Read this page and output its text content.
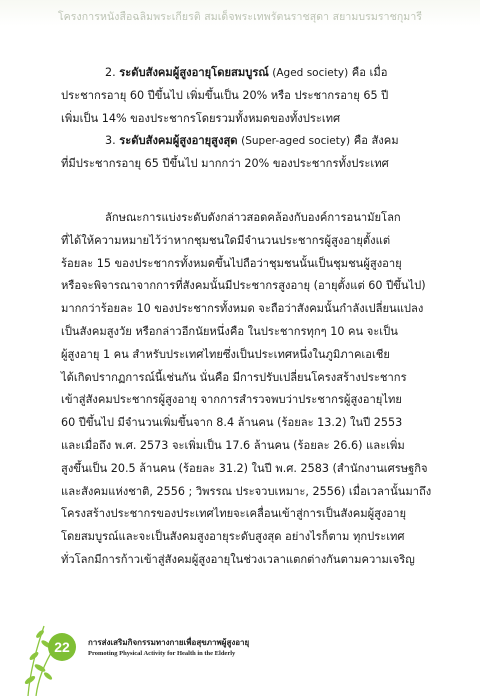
โครงการหนังสือฉลิมพระเกียรติ สมเด็จพระเทพรัตนราชสุดา สยามบรมราชกุมารี

2. ระดับสังคมผู้สูงอายุโดยสมบูรณ์ (Aged society) คือ เมื่อ
ประชากรอายุ 60 ปีขึ้นไป เพิ่มขึ้นเป็น 20% หรือ ประชากรอายุ 65 ปี
เพิ่มเป็น 14% ของประชากรโดยรวมทั้งหมดของทั้งประเทศ

3. ระดับสังคมผู้สูงอายุสูงสุด (Super-aged society) คือ สังคม
ที่มีประชากรอายุ 65 ปีขึ้นไป มากกว่า 20% ของประชากรทั้งประเทศ

ลักษณะการแบ่งระดับดังกล่าวสอดคล้องกับองค์การอนามัยโลก
ที่ได้ให้ความหมายไว้ว่าหากชุมชนใดมีจำนวนประชากรผู้สูงอายุตั้งแต่
ร้อยละ 15 ของประชากรทั้งหมดขึ้นไปถือว่าชุมชนนั้นเป็นชุมชนผู้สูงอายุ
หรือจะพิจารณาจากการที่สังคมนั้นมีประชากรสูงอายุ (อายุตั้งแต่ 60 ปีขึ้นไป)
มากกว่าร้อยละ 10 ของประชากรทั้งหมด จะถือว่าสังคมนั้นกำลังเปลี่ยนแปลง
เป็นสังคมสูงวัย หรือกล่าวอีกนัยหนึ่งคือ ในประชากรทุกๆ 10 คน จะเป็น
ผู้สูงอายุ 1 คน สำหรับประเทศไทยซึ่งเป็นประเทศหนึ่งในภูมิภาคเอเชีย
ได้เกิดปรากฏการณ์นี้เช่นกัน นั่นคือ มีการปรับเปลี่ยนโครงสร้างประชากร
เข้าสู่สังคมประชากรผู้สูงอายุ จากการสำรวจพบว่าประชากรผู้สูงอายุไทย
60 ปีขึ้นไป มีจำนวนเพิ่มขึ้นจาก 8.4 ล้านคน (ร้อยละ 13.2) ในปี 2553
และเมื่อถึง พ.ศ. 2573 จะเพิ่มเป็น 17.6 ล้านคน (ร้อยละ 26.6) และเพิ่ม
สูงขึ้นเป็น 20.5 ล้านคน (ร้อยละ 31.2) ในปี พ.ศ. 2583 (สำนักงานเศรษฐกิจ
และสังคมแห่งชาติ, 2556 ; วิพรรณ ประจวบเหมาะ, 2556) เมื่อเวลานั้นมาถึง
โครงสร้างประชากรของประเทศไทยจะเคลื่อนเข้าสู่การเป็นสังคมผู้สูงอายุ
โดยสมบูรณ์และจะเป็นสังคมสูงอายุระดับสูงสุด อย่างไรก็ตาม ทุกประเทศ
ทั่วโลกมีการก้าวเข้าสู่สังคมผู้สูงอายุในช่วงเวลาแตกต่างกันตามความเจริญ

22	การส่งเสริมกิจกรรมทางกายเพื่อสุขภาพผู้สูงอายุ
Promoting Physical Activity for Health in the Elderly
